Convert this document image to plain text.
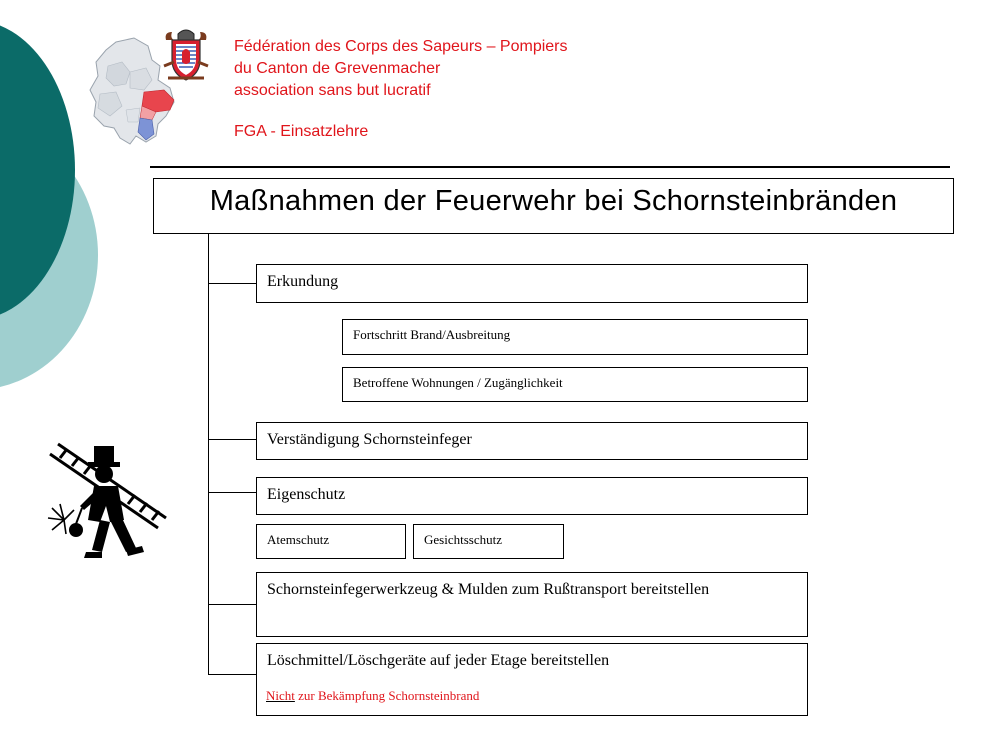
Fédération des Corps des Sapeurs – Pompiers
du Canton de Grevenmacher
association sans but lucratif
FGA - Einsatzlehre
Maßnahmen der Feuerwehr bei Schornsteinbränden
Erkundung
Fortschritt Brand/Ausbreitung
Betroffene Wohnungen / Zugänglichkeit
Verständigung Schornsteinfeger
Eigenschutz
Atemschutz	Gesichtsschutz
Schornsteinfegerwerkzeug & Mulden zum Rußtransport bereitstellen
Löschmittel/Löschgeräte auf jeder Etage bereitstellen
Nicht zur Bekämpfung Schornsteinbrand
